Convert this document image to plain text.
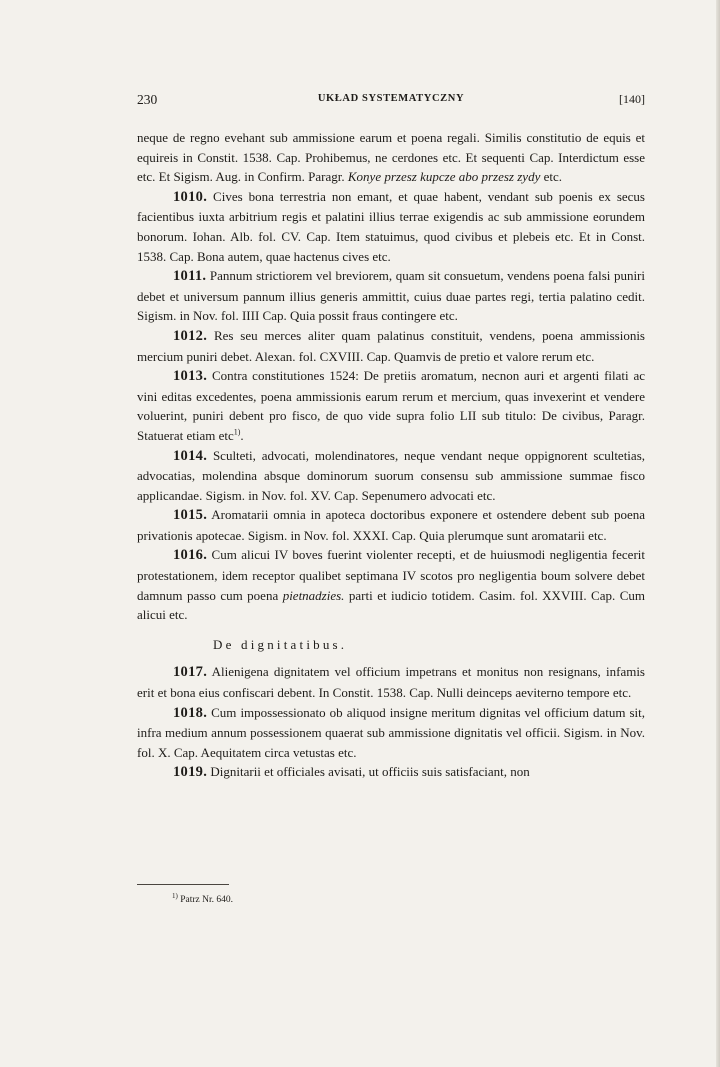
230	UKŁAD SYSTEMATYCZNY	[140]

neque de regno evehant sub ammissione earum et poena regali. Similis constitutio de equis et equireis in Constit. 1538. Cap. Prohibemus, ne cerdones etc. Et sequenti Cap. Interdictum esse etc. Et Sigism. Aug. in Confirm. Paragr. Konye przesz kupcze abo przesz zydy etc.

1010. Cives bona terrestria non emant, et quae habent, vendant sub poenis ex secus facientibus iuxta arbitrium regis et palatini illius terrae exigendis ac sub ammissione eorundem bonorum. Iohan. Alb. fol. CV. Cap. Item statuimus, quod civibus et plebeis etc. Et in Const. 1538. Cap. Bona autem, quae hactenus cives etc.

1011. Pannum strictiorem vel breviorem, quam sit consuetum, vendens poena falsi puniri debet et universum pannum illius generis ammittit, cuius duae partes regi, tertia palatino cedit. Sigism. in Nov. fol. IIII Cap. Quia possit fraus contingere etc.

1012. Res seu merces aliter quam palatinus constituit, vendens, poena ammissionis mercium puniri debet. Alexan. fol. CXVIII. Cap. Quamvis de pretio et valore rerum etc.

1013. Contra constitutiones 1524: De pretiis aromatum, necnon auri et argenti filati ac vini editas excedentes, poena ammissionis earum rerum et mercium, quas invexerint et vendere voluerint, puniri debent pro fisco, de quo vide supra folio LII sub titulo: De civibus, Paragr. Statuerat etiam etc$^{1)}$.

1014. Sculteti, advocati, molendinatores, neque vendant neque oppignorent scultetias, advocatias, molendina absque dominorum suorum consensu sub ammissione summae fisco applicandae. Sigism. in Nov. fol. XV. Cap. Sepenumero advocati etc.

1015. Aromatarii omnia in apoteca doctoribus exponere et ostendere debent sub poena privationis apotecae. Sigism. in Nov. fol. XXXI. Cap. Quia plerumque sunt aromatarii etc.

1016. Cum alicui IV boves fuerint violenter recepti, et de huiusmodi negligentia fecerit protestationem, idem receptor qualibet septimana IV scotos pro negligentia boum solvere debet damnum passo cum poena pietnadzies. parti et iudicio totidem. Casim. fol. XXVIII. Cap. Cum alicui etc.

De dignitatibus.

1017. Alienigena dignitatem vel officium impetrans et monitus non resignans, infamis erit et bona eius confiscari debent. In Constit. 1538. Cap. Nulli deinceps aeviterno tempore etc.

1018. Cum impossessionato ob aliquod insigne meritum dignitas vel officium datum sit, infra medium annum possessionem quaerat sub ammissione dignitatis vel officii. Sigism. in Nov. fol. X. Cap. Aequitatem circa vetustas etc.

1019. Dignitarii et officiales avisati, ut officiis suis satisfaciant, non

$^{1)}$ Patrz Nr. 640.
